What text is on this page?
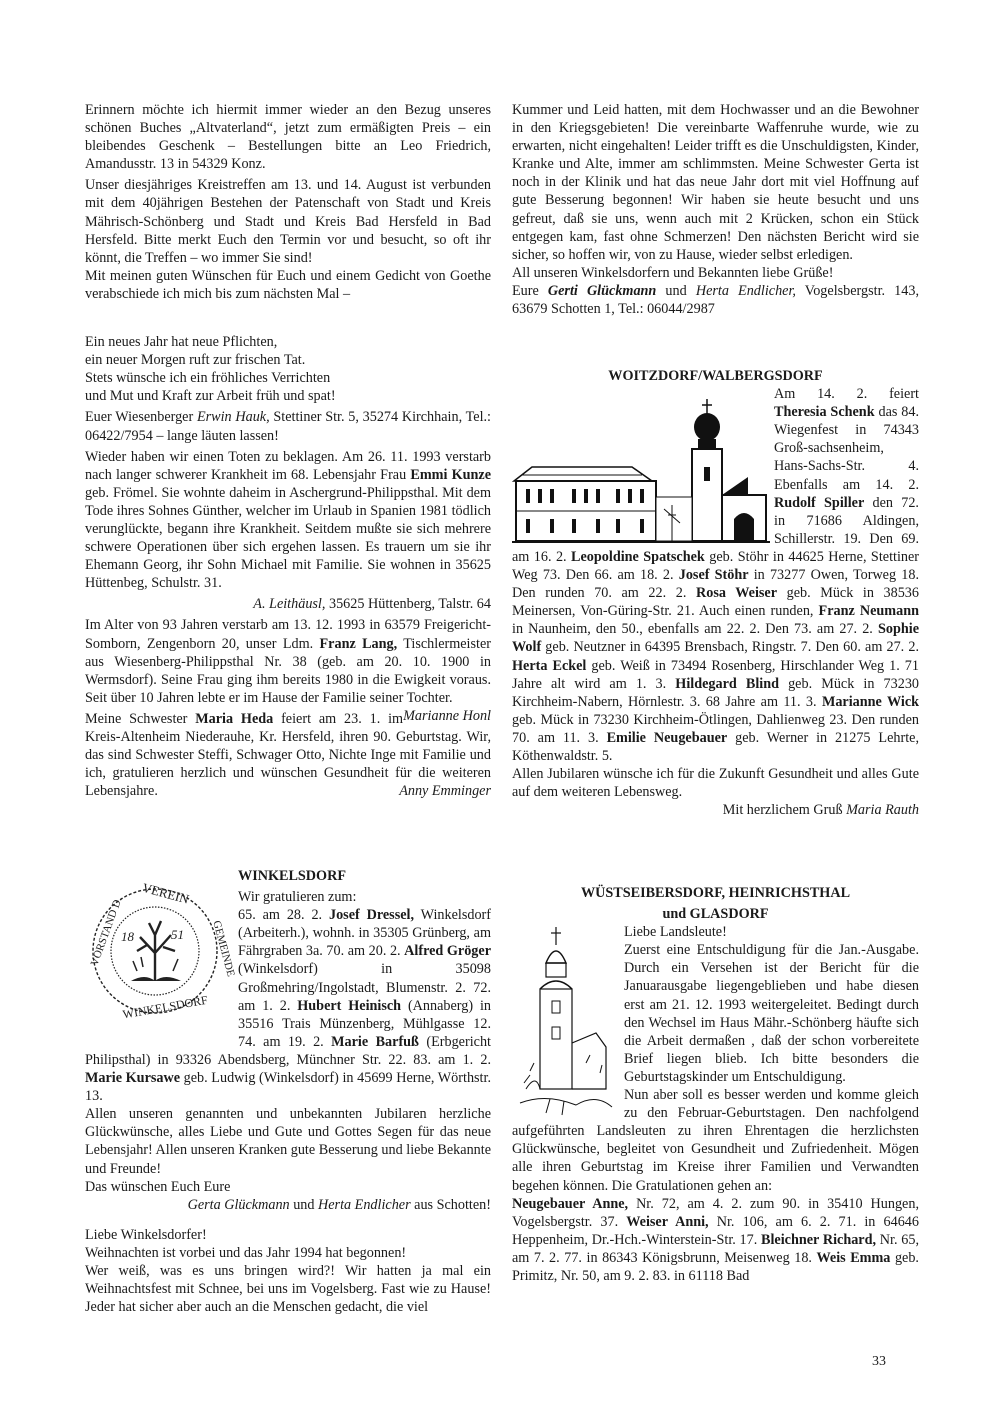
Erinnern möchte ich hiermit immer wieder an den Bezug unseres schönen Buches „Altvaterland“, jetzt zum ermäßigten Preis – ein bleibendes Geschenk – Bestellungen bitte an Leo Friedrich, Amandusstr. 13 in 54329 Konz.

Unser diesjähriges Kreistreffen am 13. und 14. August ist verbunden mit dem 40jährigen Bestehen der Patenschaft von Stadt und Kreis Mährisch-Schönberg und Stadt und Kreis Bad Hersfeld in Bad Hersfeld. Bitte merkt Euch den Termin vor und besucht, so oft ihr könnt, die Treffen – wo immer Sie sind!

Mit meinen guten Wünschen für Euch und einem Gedicht von Goethe verabschiede ich mich bis zum nächsten Mal –

Ein neues Jahr hat neue Pflichten,
ein neuer Morgen ruft zur frischen Tat.
Stets wünsche ich ein fröhliches Verrichten
und Mut und Kraft zur Arbeit früh und spat!

Euer Wiesenberger Erwin Hauk, Stettiner Str. 5, 35274 Kirchhain, Tel.: 06422/7954 – lange läuten lassen!

Wieder haben wir einen Toten zu beklagen. Am 26. 11. 1993 verstarb nach langer schwerer Krankheit im 68. Lebensjahr Frau Emmi Kunze geb. Frömel. Sie wohnte daheim in Aschergrund-Philippsthal. Mit dem Tode ihres Sohnes Günther, welcher im Urlaub in Spanien 1981 tödlich verunglückte, begann ihre Krankheit. Seitdem mußte sie sich mehrere schwere Operationen über sich ergehen lassen. Es trauern um sie ihr Ehemann Georg, ihr Sohn Michael mit Familie. Sie wohnen in 35625 Hüttenbeg, Schulstr. 31.

A. Leithäusl, 35625 Hüttenberg, Talstr. 64

Im Alter von 93 Jahren verstarb am 13. 12. 1993 in 63579 Freigericht-Somborn, Zengenborn 20, unser Ldm. Franz Lang, Tischlermeister aus Wiesenberg-Philippsthal Nr. 38 (geb. am 20. 10. 1900 in Wermsdorf). Seine Frau ging ihm bereits 1980 in die Ewigkeit voraus. Seit über 10 Jahren lebte er im Hause der Familie seiner Tochter.
Marianne Honl

Meine Schwester Maria Heda feiert am 23. 1. im Kreis-Altenheim Niederauhe, Kr. Hersfeld, ihren 90. Geburtstag. Wir, das sind Schwester Steffi, Schwager Otto, Nichte Inge mit Familie und ich, gratulieren herzlich und wünschen Gesundheit für die weiteren Lebensjahre.	Anny Emminger

VEREIN
VORSTAND D.	GEMEINDE
WINKELSDORF
18	51

WINKELSDORF

Wir gratulieren zum:
65. am 28. 2. Josef Dressel, Winkelsdorf (Arbeiterh.), wohnh. in 35305 Grünberg, am Fährgraben 3a. 70. am 20. 2. Alfred Gröger (Winkelsdorf) in 35098 Großmehring/Ingolstadt, Blumenstr. 2. 72. am 1. 2. Hubert Heinisch (Annaberg) in 35516 Trais Münzenberg, Mühlgasse 12. 74. am 19. 2. Marie Barfuß (Erbgericht Philipsthal) in 93326 Abendsberg, Münchner Str. 22. 83. am 1. 2. Marie Kursawe geb. Ludwig (Winkelsdorf) in 45699 Herne, Wörthstr. 13.

Allen unseren genannten und unbekannten Jubilaren herzliche Glückwünsche, alles Liebe und Gute und Gottes Segen für das neue Lebensjahr! Allen unseren Kranken gute Besserung und liebe Bekannte und Freunde!

Das wünschen Euch Eure

Gerta Glückmann und Herta Endlicher aus Schotten!

Liebe Winkelsdorfer!

Weihnachten ist vorbei und das Jahr 1994 hat begonnen!

Wer weiß, was es uns bringen wird?! Wir hatten ja mal ein Weihnachtsfest mit Schnee, bei uns im Vogelsberg. Fast wie zu Hause! Jeder hat sicher aber auch an die Menschen gedacht, die viel

Kummer und Leid hatten, mit dem Hochwasser und an die Bewohner in den Kriegsgebieten! Die vereinbarte Waffenruhe wurde, wie zu erwarten, nicht eingehalten! Leider trifft es die Unschuldigsten, Kinder, Kranke und Alte, immer am schlimmsten. Meine Schwester Gerta ist noch in der Klinik und hat das neue Jahr dort mit viel Hoffnung auf gute Besserung begonnen! Wir haben sie heute besucht und uns gefreut, daß sie uns, wenn auch mit 2 Krücken, schon ein Stück entgegen kam, fast ohne Schmerzen! Den nächsten Bericht wird sie sicher, so hoffen wir, von zu Hause, wieder selbst erledigen.

All unseren Winkelsdorfern und Bekannten liebe Grüße!

Eure Gerti Glückmann und Herta Endlicher, Vogelsbergstr. 143, 63679 Schotten 1, Tel.: 06044/2987

WOITZDORF/WALBERGSDORF

Am 14. 2. feiert Theresia Schenk das 84. Wiegenfest in 74343 Groß-sachsenheim, Hans-Sachs-Str. 4. Ebenfalls am 14. 2. Rudolf Spiller den 72. in 71686 Aldingen, Schillerstr. 19. Den 69. am 16. 2. Leopoldine Spatschek geb. Stöhr in 44625 Herne, Stettiner Weg 73. Den 66. am 18. 2. Josef Stöhr in 73277 Owen, Torweg 18. Den runden 70. am 22. 2. Rosa Weiser geb. Mück in 38536 Meinersen, Von-Güring-Str. 21. Auch einen runden, Franz Neumann in Naunheim, den 50., ebenfalls am 22. 2. Den 73. am 27. 2. Sophie Wolf geb. Neutzner in 64395 Brensbach, Ringstr. 7. Den 60. am 27. 2. Herta Eckel geb. Weiß in 73494 Rosenberg, Hirschlander Weg 1. 71 Jahre alt wird am 1. 3. Hildegard Blind geb. Mück in 73230 Kirchheim-Nabern, Hörnlestr. 3. 68 Jahre am 11. 3. Marianne Wick geb. Mück in 73230 Kirchheim-Ötlingen, Dahlienweg 23. Den runden 70. am 11. 3. Emilie Neugebauer geb. Werner in 21275 Lehrte, Köthenwaldstr. 5.

Allen Jubilaren wünsche ich für die Zukunft Gesundheit und alles Gute auf dem weiteren Lebensweg.

Mit herzlichem Gruß Maria Rauth

WÜSTSEIBERSDORF, HEINRICHSTHAL

und GLASDORF

Liebe Landsleute!

Zuerst eine Entschuldigung für die Jan.-Ausgabe. Durch ein Versehen ist der Bericht für die Januarausgabe liegengeblieben und habe diesen erst am 21. 12. 1993 weitergeleitet. Bedingt durch den Wechsel im Haus Mähr.-Schönberg häufte sich die Arbeit dermaßen , daß der schon vorbereitete Brief liegen blieb. Ich bitte besonders die Geburtstagskinder um Entschuldigung.

Nun aber soll es besser werden und komme gleich zu den Februar-Geburtstagen. Den nachfolgend aufgeführten Landsleuten zu ihren Ehrentagen die herzlichsten Glückwünsche, begleitet von Gesundheit und Zufriedenheit. Mögen alle ihren Geburtstag im Kreise ihrer Familien und Verwandten begehen können. Die Gratulationen gehen an:

Neugebauer Anne, Nr. 72, am 4. 2. zum 90. in 35410 Hungen, Vogelsbergstr. 37. Weiser Anni, Nr. 106, am 6. 2. 71. in 64646 Heppenheim, Dr.-Hch.-Winterstein-Str. 17. Bleichner Richard, Nr. 65, am 7. 2. 77. in 86343 Königsbrunn, Meisenweg 18. Weis Emma geb. Primitz, Nr. 50, am 9. 2. 83. in 61118 Bad

33
